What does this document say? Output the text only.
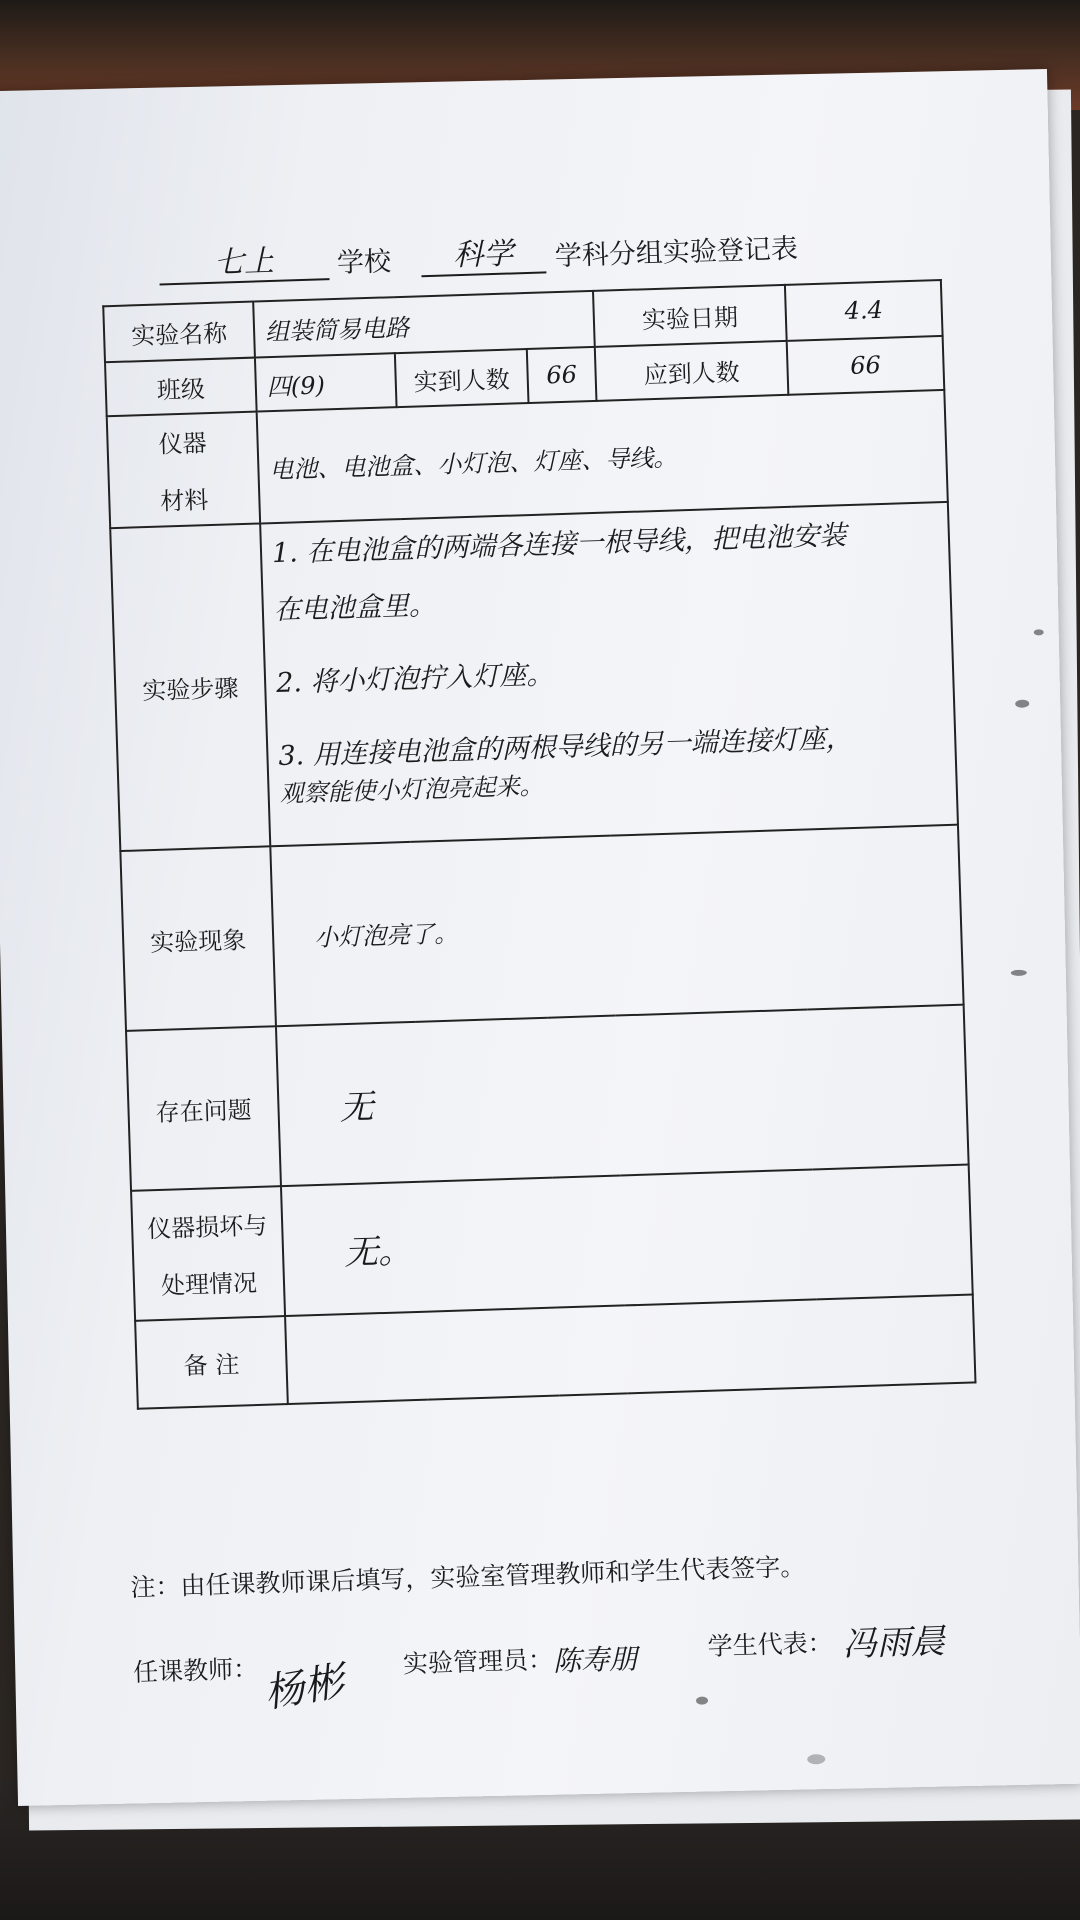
七上	学校	科学	学科分组实验登记表
实验名称	组装简易电路			实验日期	4.4
班级	四(9)	实到人数	66	应到人数	66

仪器
材料	电池、电池盒、小灯泡、灯座、导线。				
实验步骤	1. 在电池盒的两端各连接一根导线，把电池安装
在电池盒里。
2. 将小灯泡拧入灯座。
3. 用连接电池盒的两根导线的另一端连接灯座，
观察能使小灯泡亮起来。				

实验现象	小灯泡亮了。				
存在问题	无				

仪器损坏与
处理情况	无。				
备 注					
注：由任课教师课后填写，实验室管理教师和学生代表签字。
任课教师： 杨彬 实验管理员： 陈寿朋	学生代表： 冯雨晨
